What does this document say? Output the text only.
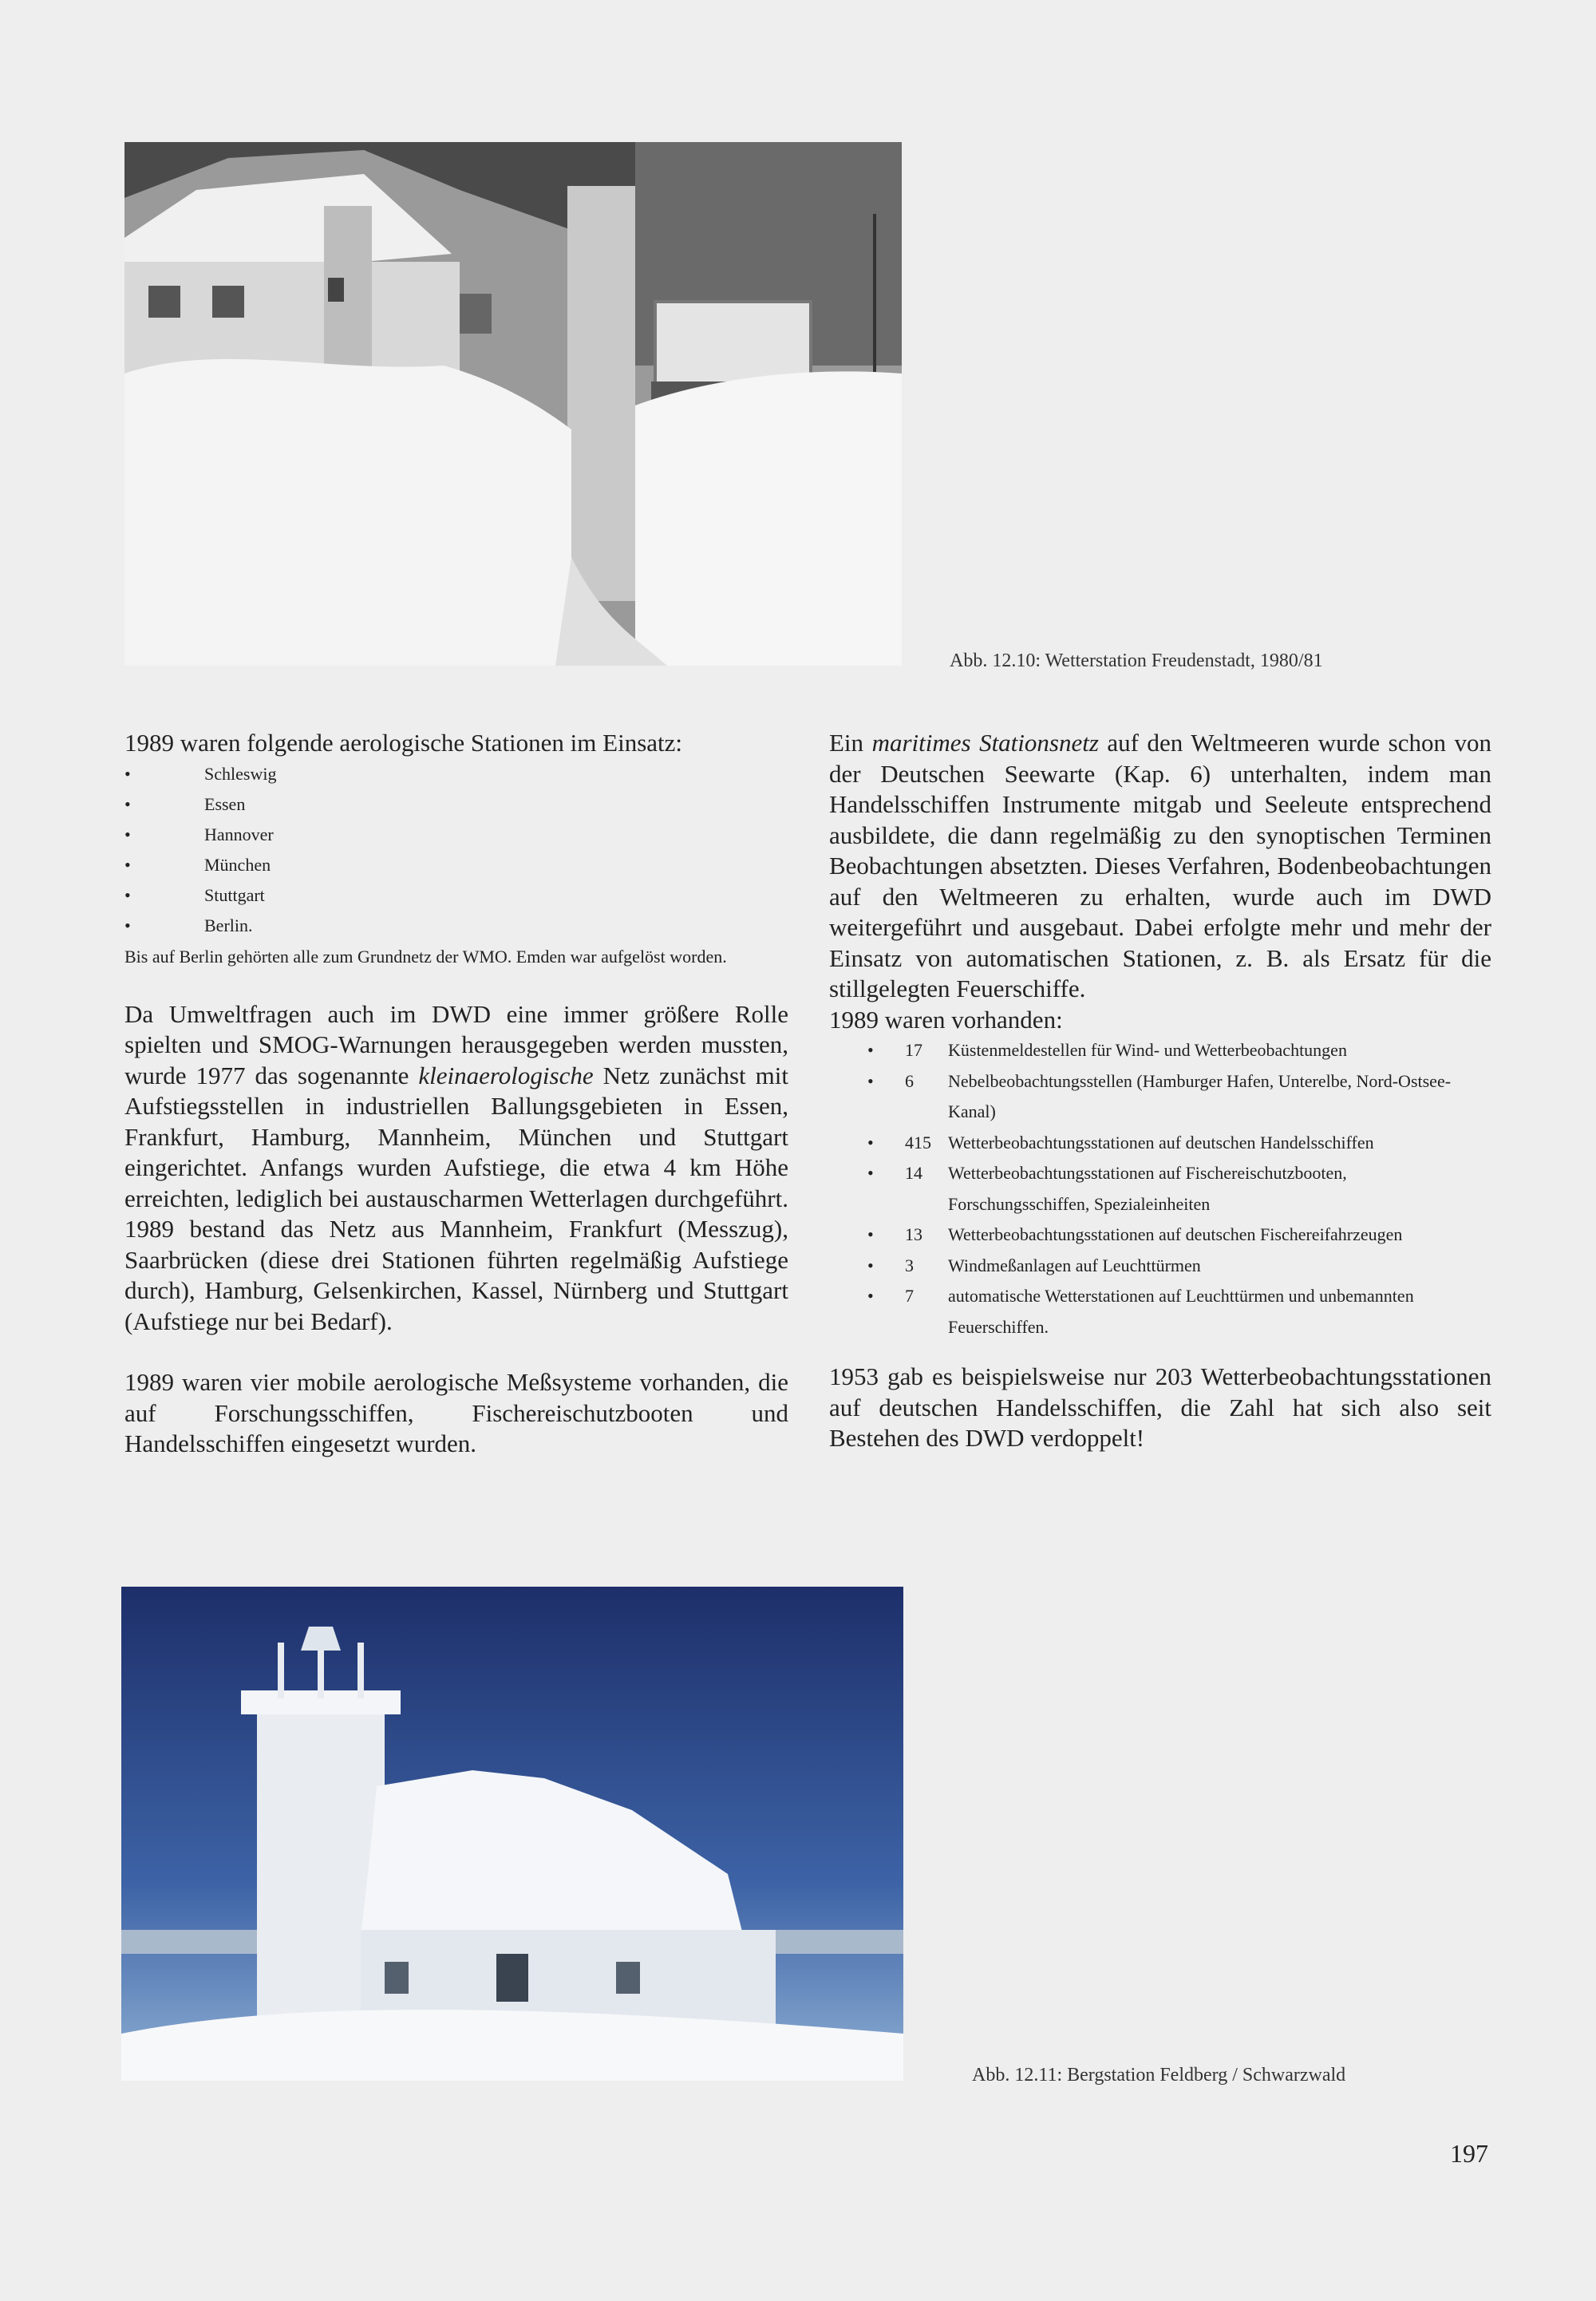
Abb. 12.10: Wetterstation Freudenstadt, 1980/81

1989 waren folgende aerologische Stationen im Einsatz:

•	Schleswig
•	Essen
•	Hannover
•	München
•	Stuttgart
•	Berlin.

Bis auf Berlin gehörten alle zum Grundnetz der WMO. Emden war aufgelöst worden.

Da Umweltfragen auch im DWD eine immer größere Rolle spielten und SMOG-Warnungen herausgegeben werden mussten, wurde 1977 das sogenannte kleinaerologische Netz zunächst mit Aufstiegsstellen in industriellen Ballungsgebieten in Essen, Frankfurt, Hamburg, Mannheim, München und Stuttgart eingerichtet. Anfangs wurden Aufstiege, die etwa 4 km Höhe erreichten, lediglich bei austauscharmen Wetterlagen durchgeführt. 1989 bestand das Netz aus Mannheim, Frankfurt (Messzug), Saarbrücken (diese drei Stationen führten regelmäßig Aufstiege durch), Hamburg, Gelsenkirchen, Kassel, Nürnberg und Stuttgart (Aufstiege nur bei Bedarf).

1989 waren vier mobile aerologische Meßsysteme vorhanden, die auf Forschungsschiffen, Fischereischutzbooten und Handelsschiffen eingesetzt wurden.

Ein maritimes Stationsnetz auf den Weltmeeren wurde schon von der Deutschen Seewarte (Kap. 6) unterhalten, indem man Handelsschiffen Instrumente mitgab und Seeleute entsprechend ausbildete, die dann regelmäßig zu den synoptischen Terminen Beobachtungen absetzten. Dieses Verfahren, Bodenbeobachtungen auf den Weltmeeren zu erhalten, wurde auch im DWD weitergeführt und ausgebaut. Dabei erfolgte mehr und mehr der Einsatz von automatischen Stationen, z. B. als Ersatz für die stillgelegten Feuerschiffe.

1989 waren vorhanden:

• 17 Küstenmeldestellen für Wind- und Wetterbeobachtungen
• 6 Nebelbeobachtungsstellen (Hamburger Hafen, Unterelbe, Nord-Ostsee-Kanal)
• 415 Wetterbeobachtungsstationen auf deutschen Handelsschiffen
• 14 Wetterbeobachtungsstationen auf Fischereischutzbooten, Forschungsschiffen, Spezialeinheiten
• 13 Wetterbeobachtungsstationen auf deutschen Fischereifahrzeugen
• 3 Windmeßanlagen auf Leuchttürmen
• 7 automatische Wetterstationen auf Leuchttürmen und unbemannten Feuerschiffen.

1953 gab es beispielsweise nur 203 Wetterbeobachtungsstationen auf deutschen Handelsschiffen, die Zahl hat sich also seit Bestehen des DWD verdoppelt!

Abb. 12.11: Bergstation Feldberg / Schwarzwald
197
